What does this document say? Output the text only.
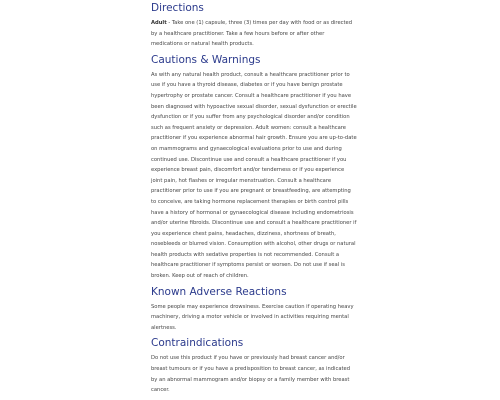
Directions

Adult - Take one (1) capsule, three (3) times per day with food or as directed by a healthcare practitioner. Take a few hours before or after other medications or natural health products.

Cautions & Warnings

As with any natural health product, consult a healthcare practitioner prior to use if you have a thyroid disease, diabetes or if you have benign prostate hypertrophy or prostate cancer. Consult a healthcare practitioner if you have been diagnosed with hypoactive sexual disorder, sexual dysfunction or erectile dysfunction or if you suffer from any psychological disorder and/or condition such as frequent anxiety or depression. Adult women: consult a healthcare practitioner if you experience abnormal hair growth. Ensure you are up-to-date on mammograms and gynaecological evaluations prior to use and during continued use. Discontinue use and consult a healthcare practitioner if you experience breast pain, discomfort and/or tenderness or if you experience joint pain, hot flashes or irregular menstruation. Consult a healthcare practitioner prior to use if you are pregnant or breastfeeding, are attempting to conceive, are taking hormone replacement therapies or birth control pills have a history of hormonal or gynaecological disease including endometriosis and/or uterine fibroids. Discontinue use and consult a healthcare practitioner if you experience chest pains, headaches, dizziness, shortness of breath, nosebleeds or blurred vision. Consumption with alcohol, other drugs or natural health products with sedative properties is not recommended. Consult a healthcare practitioner if symptoms persist or worsen. Do not use if seal is broken. Keep out of reach of children.

Known Adverse Reactions

Some people may experience drowsiness. Exercise caution if operating heavy machinery, driving a motor vehicle or involved in activities requiring mental alertness.

Contraindications

Do not use this product if you have or previously had breast cancer and/or breast tumours or if you have a predisposition to breast cancer, as indicated by an abnormal mammogram and/or biopsy or a family member with breast cancer.
